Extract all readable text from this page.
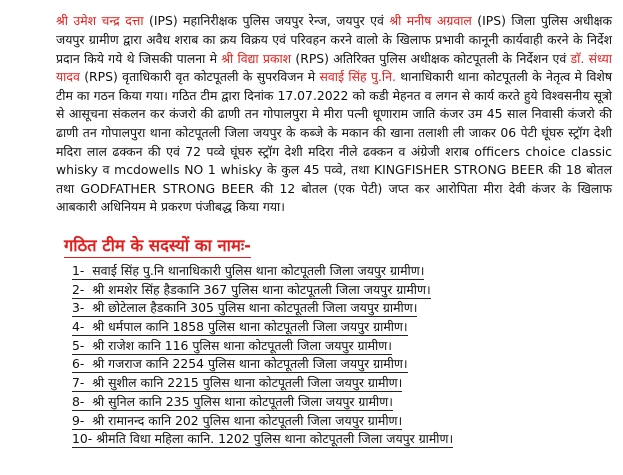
श्री उमेश चन्द्र दत्ता (IPS) महानिरीक्षक पुलिस जयपुर रेन्ज, जयपुर एवं श्री मनीष अग्रवाल (IPS) जिला पुलिस अधीक्षक जयपुर ग्रामीण द्वारा अवैध शराब का क्रय विक्रय एवं परिवहन करने वालो के खिलाफ प्रभावी कानूनी कार्यवाही करने के निर्देश प्रदान किये गये थे जिसकी पालना मे श्री विद्या प्रकाश (RPS) अतिरिक्त पुलिस अधीक्षक कोटपूतली के निर्देशन एवं डाॅ. संध्या यादव (RPS) वृताधिकारी वृत कोटपूतली के सुपरविजन मे सवाई सिंह पु.नि. थानाधिकारी थाना कोटपूतली के नेतृत्व मे विशेष टीम का गठन किया गया। गठित टीम द्वारा दिनांक 17.07.2022 को कडी मेहनत व लगन से कार्य करते हुये विश्वसनीय सूत्रो से आसूचना संकलन कर कंजरो की ढाणी तन गोपालपुरा मे मीरा पत्नी धूणाराम जाति कंजर उम 45 साल निवासी कंजरो की ढाणी तन गोपालपुरा थाना कोटपूतली जिला जयपुर के कब्जे के मकान की खाना तलाशी ली जाकर 06 पेटी घूंघरु स्ट्रॉग देशी मदिरा लाल ढक्कन की एवं 72 पव्वे घूंघरु स्ट्रॉग देशी मदिरा नीले ढक्कन व अंग्रेजी शराब officers choice classic whisky व mcdowells NO 1 whisky के कुल 45 पव्वे, तथा KINGFISHER STRONG BEER की 18 बोतल तथा GODFATHER STRONG BEER की 12 बोतल (एक पेटी) जप्त कर आरोपिता मीरा देवी कंजर के खिलाफ आबकारी अधिनियम मे प्रकरण पंजीबद्ध किया गया।

गठित टीम के सदस्यों का नामः-
1- सवाई सिंह पु.नि थानाधिकारी पुलिस थाना कोटपूतली जिला जयपुर ग्रामीण।
2- श्री शमशेर सिंह हैडकानि 367 पुलिस थाना कोटपूतली जिला जयपुर ग्रामीण।
3- श्री छोटेलाल हैडकानि 305 पुलिस थाना कोटपूतली जिला जयपुर ग्रामीण।
4- श्री धर्मपाल कानि 1858 पुलिस थाना कोटपूतली जिला जयपुर ग्रामीण।
5- श्री राजेश कानि 116 पुलिस थाना कोटपूतली जिला जयपुर ग्रामीण।
6- श्री गजराज कानि 2254 पुलिस थाना कोटपूतली जिला जयपुर ग्रामीण।
7- श्री सुशील कानि 2215 पुलिस थाना कोटपूतली जिला जयपुर ग्रामीण।
8- श्री सुनिल कानि 235 पुलिस थाना कोटपूतली जिला जयपुर ग्रामीण।
9- श्री रामानन्द कानि 202 पुलिस थाना कोटपूतली जिला जयपुर ग्रामीण।
10- श्रीमति विधा महिला कानि. 1202 पुलिस थाना कोटपूतली जिला जयपुर ग्रामीण।
